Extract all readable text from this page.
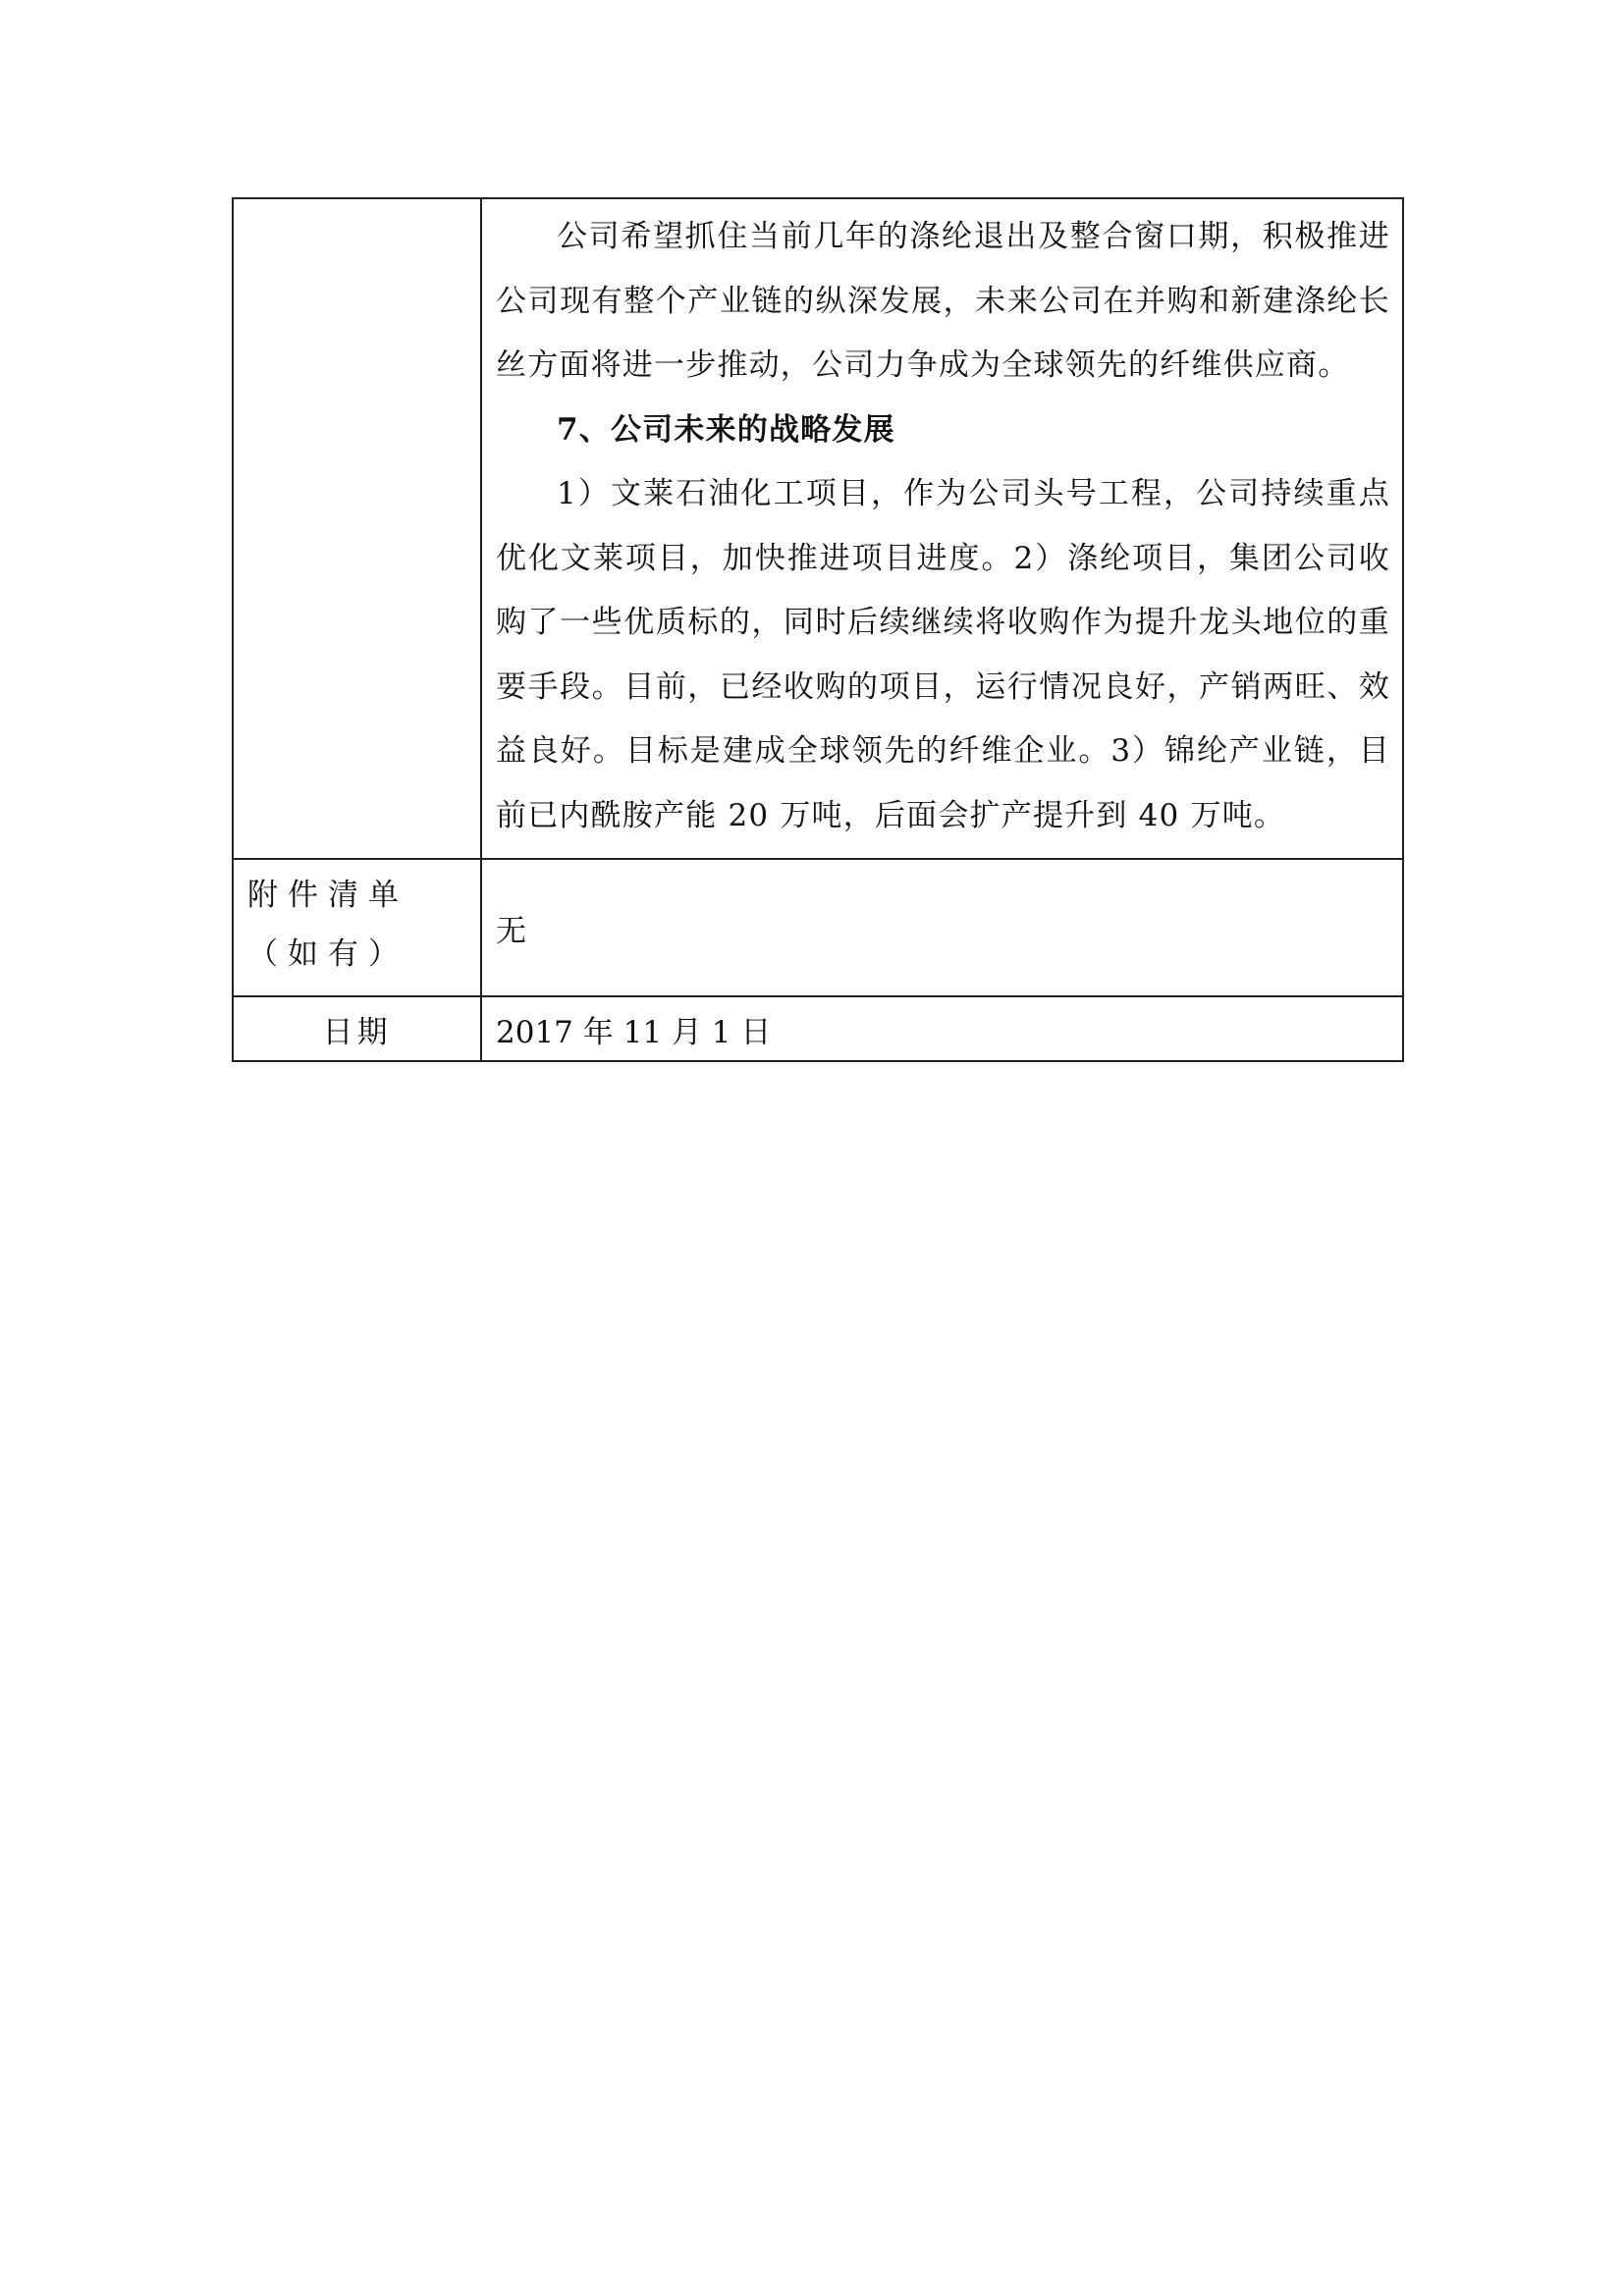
	公司希望抓住当前几年的涤纶退出及整合窗口期，积极推进公司现有整个产业链的纵深发展，未来公司在并购和新建涤纶长丝方面将进一步推动，公司力争成为全球领先的纤维供应商。

7、公司未来的战略发展

1）文莱石油化工项目，作为公司头号工程，公司持续重点优化文莱项目，加快推进项目进度。2）涤纶项目，集团公司收购了一些优质标的，同时后续继续将收购作为提升龙头地位的重要手段。目前，已经收购的项目，运行情况良好，产销两旺、效益良好。目标是建成全球领先的纤维企业。3）锦纶产业链，目前已内酰胺产能 20 万吨，后面会扩产提升到 40 万吨。

附件清单（如有）	无
日期	2017 年 11 月 1 日
